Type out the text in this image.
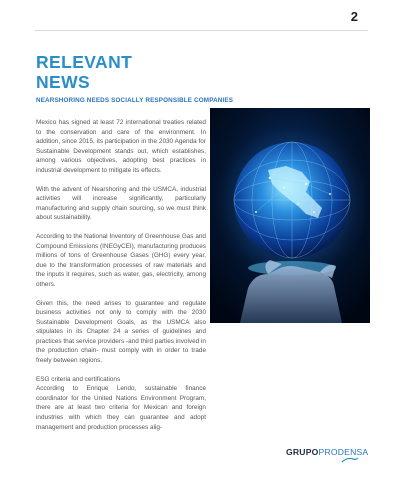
2
RELEVANT
NEWS
NEARSHORING NEEDS SOCIALLY RESPONSIBLE COMPANIES

Mexico has signed at least 72 international treaties related to the conservation and care of the environment. In addition, since 2015, its participation in the 2030 Agenda for Sustainable Development stands out, which establishes, among various objectives, adopting best practices in industrial development to mitigate its effects.

With the advent of Nearshoring and the USMCA, industrial activities will increase significantly, particularly manufacturing and supply chain sourcing, so we must think about sustainability.

According to the National Inventory of Greenhouse Gas and Compound Emissions (INEGyCEI), manufacturing produces millions of tons of Greenhouse Gases (GHG) every year, due to the transformation processes of raw materials and the inputs it requires, such as water, gas, electricity, among others.

Given this, the need arises to guarantee and regulate business activities not only to comply with the 2030 Sustainable Development Goals, as the USMCA also stipulates in its Chapter 24 a series of guidelines and practices that service providers -and third parties involved in the production chain- must comply with in order to trade freely between regions.

ESG criteria and certifications

According to Enrique Lendo, sustainable finance coordinator for the United Nations Environment Program, there are at least two criteria for Mexican and foreign industries with which they can guarantee and adopt management and production processes alig-

GRUPOPRODENSA
